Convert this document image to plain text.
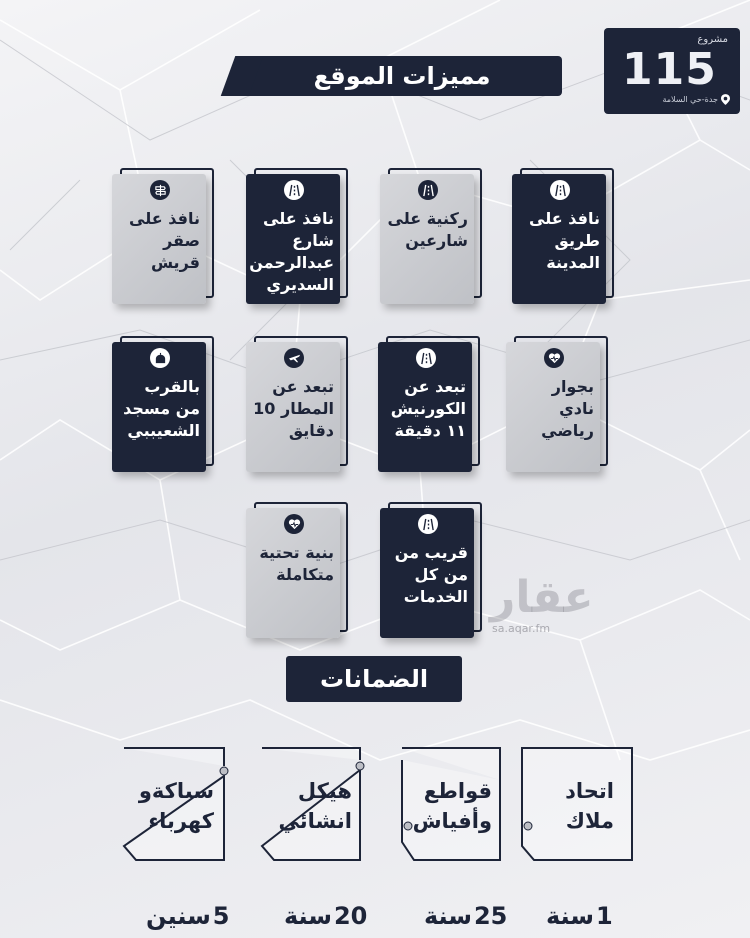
مشروع
115
جدة-حي السلامة
مميزات الموقع
نافذ على طريق المدينة
ركنية على شارعين
نافذ على شارع عبدالرحمن السديري
نافذ على صقر قريش
بجوار نادي رياضي
تبعد عن الكورنيش ١١ دقيقة
تبعد عن المطار 10 دقايق
بالقرب من مسجد الشعيببي
قريب من من كل الخدمات
بنية تحتية متكاملة
الضمانات
اتحاد ملاك
قواطع وأفياش
هيكل انشائي
سباكةو كهرباء
عقار
sa.aqar.fm
1
سنة
25
سنة
20
سنة
5
سنين
